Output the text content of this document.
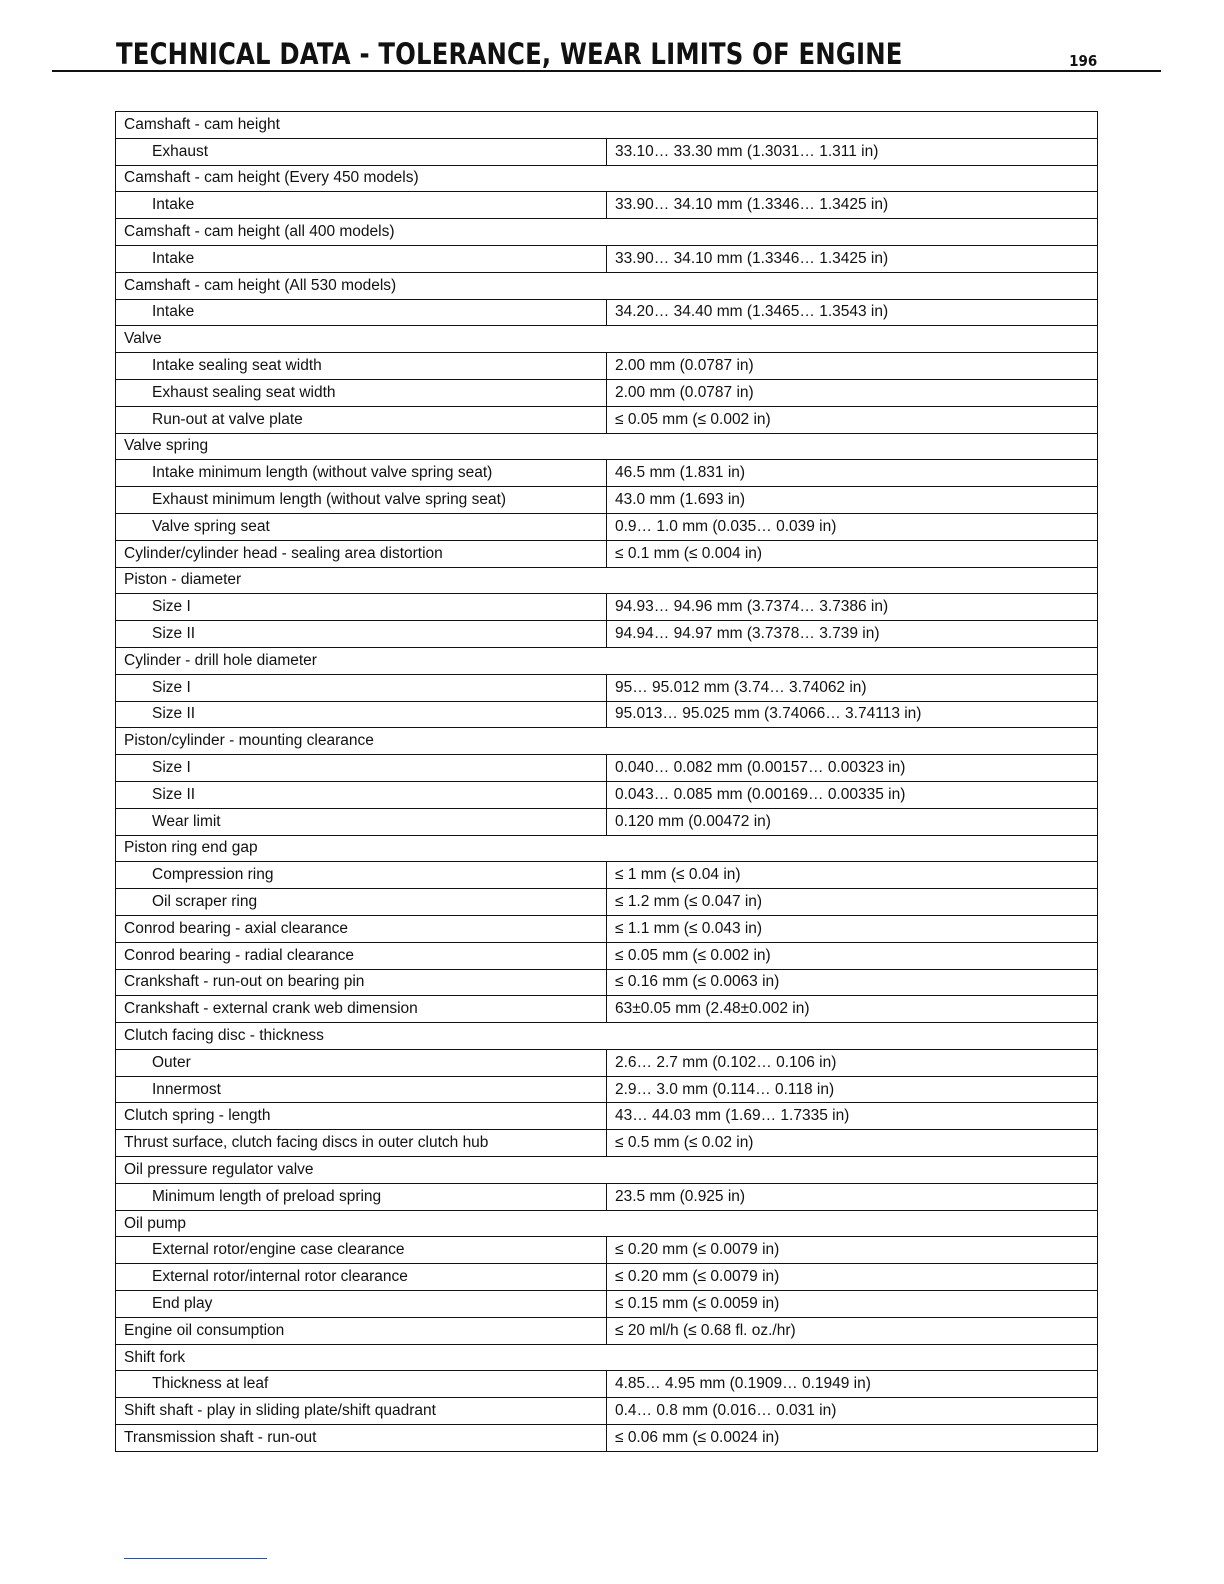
TECHNICAL DATA - TOLERANCE, WEAR LIMITS OF ENGINE	196
Camshaft - cam height	
Exhaust	33.10… 33.30 mm (1.3031… 1.311 in)
Camshaft - cam height (Every 450 models)	
Intake	33.90… 34.10 mm (1.3346… 1.3425 in)
Camshaft - cam height (all 400 models)	
Intake	33.90… 34.10 mm (1.3346… 1.3425 in)
Camshaft - cam height (All 530 models)	
Intake	34.20… 34.40 mm (1.3465… 1.3543 in)
Valve	
Intake sealing seat width	2.00 mm (0.0787 in)
Exhaust sealing seat width	2.00 mm (0.0787 in)
Run-out at valve plate	≤ 0.05 mm (≤ 0.002 in)
Valve spring	
Intake minimum length (without valve spring seat)	46.5 mm (1.831 in)
Exhaust minimum length (without valve spring seat)	43.0 mm (1.693 in)
Valve spring seat	0.9… 1.0 mm (0.035… 0.039 in)
Cylinder/cylinder head - sealing area distortion	≤ 0.1 mm (≤ 0.004 in)
Piston - diameter	
Size I	94.93… 94.96 mm (3.7374… 3.7386 in)
Size II	94.94… 94.97 mm (3.7378… 3.739 in)
Cylinder - drill hole diameter	
Size I	95… 95.012 mm (3.74… 3.74062 in)
Size II	95.013… 95.025 mm (3.74066… 3.74113 in)
Piston/cylinder - mounting clearance	
Size I	0.040… 0.082 mm (0.00157… 0.00323 in)
Size II	0.043… 0.085 mm (0.00169… 0.00335 in)
Wear limit	0.120 mm (0.00472 in)
Piston ring end gap	
Compression ring	≤ 1 mm (≤ 0.04 in)
Oil scraper ring	≤ 1.2 mm (≤ 0.047 in)
Conrod bearing - axial clearance	≤ 1.1 mm (≤ 0.043 in)
Conrod bearing - radial clearance	≤ 0.05 mm (≤ 0.002 in)
Crankshaft - run-out on bearing pin	≤ 0.16 mm (≤ 0.0063 in)
Crankshaft - external crank web dimension	63±0.05 mm (2.48±0.002 in)
Clutch facing disc - thickness	
Outer	2.6… 2.7 mm (0.102… 0.106 in)
Innermost	2.9… 3.0 mm (0.114… 0.118 in)
Clutch spring - length	43… 44.03 mm (1.69… 1.7335 in)
Thrust surface, clutch facing discs in outer clutch hub	≤ 0.5 mm (≤ 0.02 in)
Oil pressure regulator valve	
Minimum length of preload spring	23.5 mm (0.925 in)
Oil pump	
External rotor/engine case clearance	≤ 0.20 mm (≤ 0.0079 in)
External rotor/internal rotor clearance	≤ 0.20 mm (≤ 0.0079 in)
End play	≤ 0.15 mm (≤ 0.0059 in)
Engine oil consumption	≤ 20 ml/h (≤ 0.68 fl. oz./hr)
Shift fork	
Thickness at leaf	4.85… 4.95 mm (0.1909… 0.1949 in)
Shift shaft - play in sliding plate/shift quadrant	0.4… 0.8 mm (0.016… 0.031 in)
Transmission shaft - run-out	≤ 0.06 mm (≤ 0.0024 in)
